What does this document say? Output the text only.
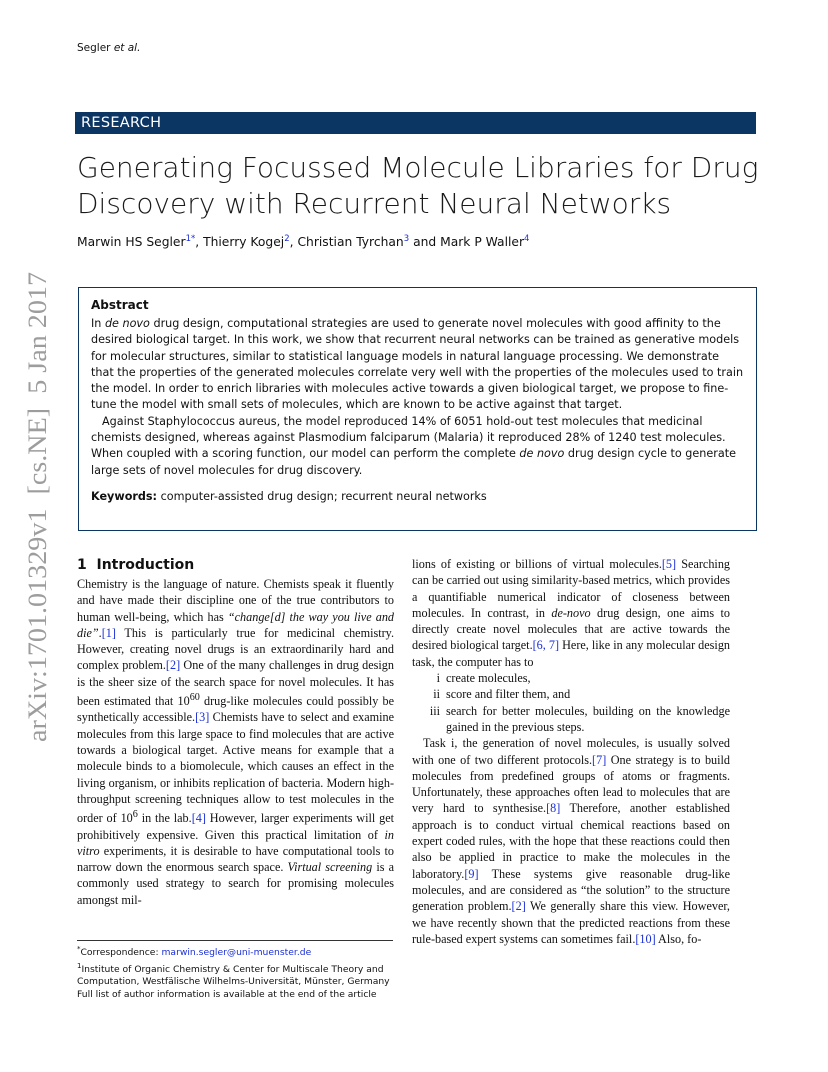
Segler et al.
arXiv:1701.01329v1  [cs.NE]  5 Jan 2017
RESEARCH
Generating Focussed Molecule Libraries for Drug
Discovery with Recurrent Neural Networks
Marwin HS Segler$^{1*}$, Thierry Kogej$^2$, Christian Tyrchan$^3$ and Mark P Waller$^4$
Abstract

In de novo drug design, computational strategies are used to generate novel molecules with good affinity to the desired biological target. In this work, we show that recurrent neural networks can be trained as generative models for molecular structures, similar to statistical language models in natural language processing. We demonstrate that the properties of the generated molecules correlate very well with the properties of the molecules used to train the model. In order to enrich libraries with molecules active towards a given biological target, we propose to fine-tune the model with small sets of molecules, which are known to be active against that target.

Against Staphylococcus aureus, the model reproduced 14% of 6051 hold-out test molecules that medicinal chemists designed, whereas against Plasmodium falciparum (Malaria) it reproduced 28% of 1240 test molecules. When coupled with a scoring function, our model can perform the complete de novo drug design cycle to generate large sets of novel molecules for drug discovery.

Keywords: computer-assisted drug design; recurrent neural networks

1 Introduction

Chemistry is the language of nature. Chemists speak it fluently and have made their discipline one of the true contributors to human well-being, which has “change[d] the way you live and die”.[1] This is particularly true for medicinal chemistry. However, creating novel drugs is an extraordinarily hard and complex problem.[2] One of the many challenges in drug design is the sheer size of the search space for novel molecules. It has been estimated that $10^{60}$ drug-like molecules could possibly be synthetically accessible.[3] Chemists have to select and examine molecules from this large space to find molecules that are active towards a biological target. Active means for example that a molecule binds to a biomolecule, which causes an effect in the living organism, or inhibits replication of bacteria. Modern high-throughput screening techniques allow to test molecules in the order of $10^6$ in the lab.[4] However, larger experiments will get prohibitively expensive. Given this practical limitation of in vitro experiments, it is desirable to have computational tools to narrow down the enormous search space. Virtual screening is a commonly used strategy to search for promising molecules amongst mil-

lions of existing or billions of virtual molecules.[5] Searching can be carried out using similarity-based metrics, which provides a quantifiable numerical indicator of closeness between molecules. In contrast, in de-novo drug design, one aims to directly create novel molecules that are active towards the desired biological target.[6, 7] Here, like in any molecular design task, the computer has to

i create molecules,
ii score and filter them, and
iii search for better molecules, building on the knowledge gained in the previous steps.

Task i, the generation of novel molecules, is usually solved with one of two different protocols.[7] One strategy is to build molecules from predefined groups of atoms or fragments. Unfortunately, these approaches often lead to molecules that are very hard to synthesise.[8] Therefore, another established approach is to conduct virtual chemical reactions based on expert coded rules, with the hope that these reactions could then also be applied in practice to make the molecules in the laboratory.[9] These systems give reasonable drug-like molecules, and are considered as “the solution” to the structure generation problem.[2] We generally share this view. However, we have recently shown that the predicted reactions from these rule-based expert systems can sometimes fail.[10] Also, fo-

*Correspondence: marwin.segler@uni-muenster.de
$^1$Institute of Organic Chemistry & Center for Multiscale Theory and Computation, Westfälische Wilhelms-Universität, Münster, Germany
Full list of author information is available at the end of the article
